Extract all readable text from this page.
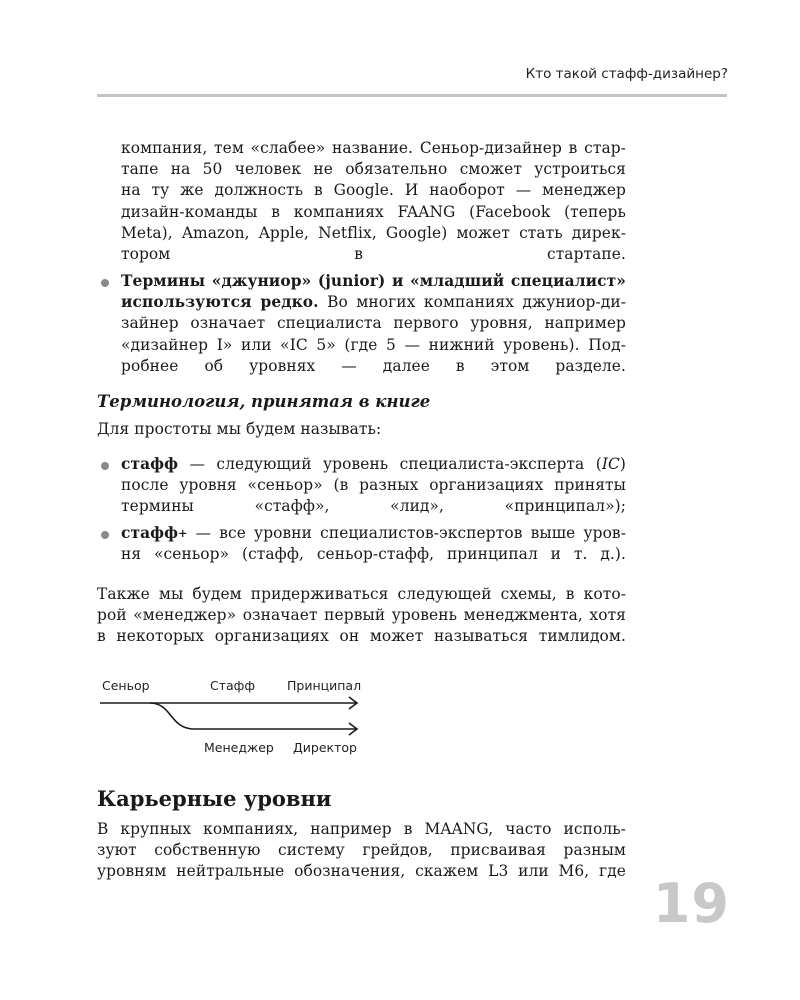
Кто такой стафф-дизайнер?
компания, тем «слабее» название. Сеньор-дизайнер в стар-
тапе на 50 человек не обязательно сможет устроиться
на ту же должность в Google. И наоборот — менеджер
дизайн-команды в компаниях FAANG (Facebook (теперь
Meta), Amazon, Apple, Netflix, Google) может стать дирек-
тором в стартапе.
Термины «джуниор» (junior) и «младший специалист»
используются редко. Во многих компаниях джуниор-ди-
зайнер означает специалиста первого уровня, например
«дизайнер I» или «IC 5» (где 5 — нижний уровень). Под-
робнее об уровнях — далее в этом разделе.
Терминология, принятая в книге
Для простоты мы будем называть:
стафф — следующий уровень специалиста-эксперта (IC)
после уровня «сеньор» (в разных организациях приняты
термины «стафф», «лид», «принципал»);
стафф+ — все уровни специалистов-экспертов выше уров-
ня «сеньор» (стафф, сеньор-стафф, принципал и т. д.).
Также мы будем придерживаться следующей схемы, в кото-
рой «менеджер» означает первый уровень менеджмента, хотя
в некоторых организациях он может называться тимлидом.
Сеньор	Стафф	Принципал
Менеджер Директор
Карьерные уровни
В крупных компаниях, например в MAANG, часто исполь-
зуют собственную систему грейдов, присваивая разным
уровням нейтральные обозначения, скажем L3 или M6, где
19
